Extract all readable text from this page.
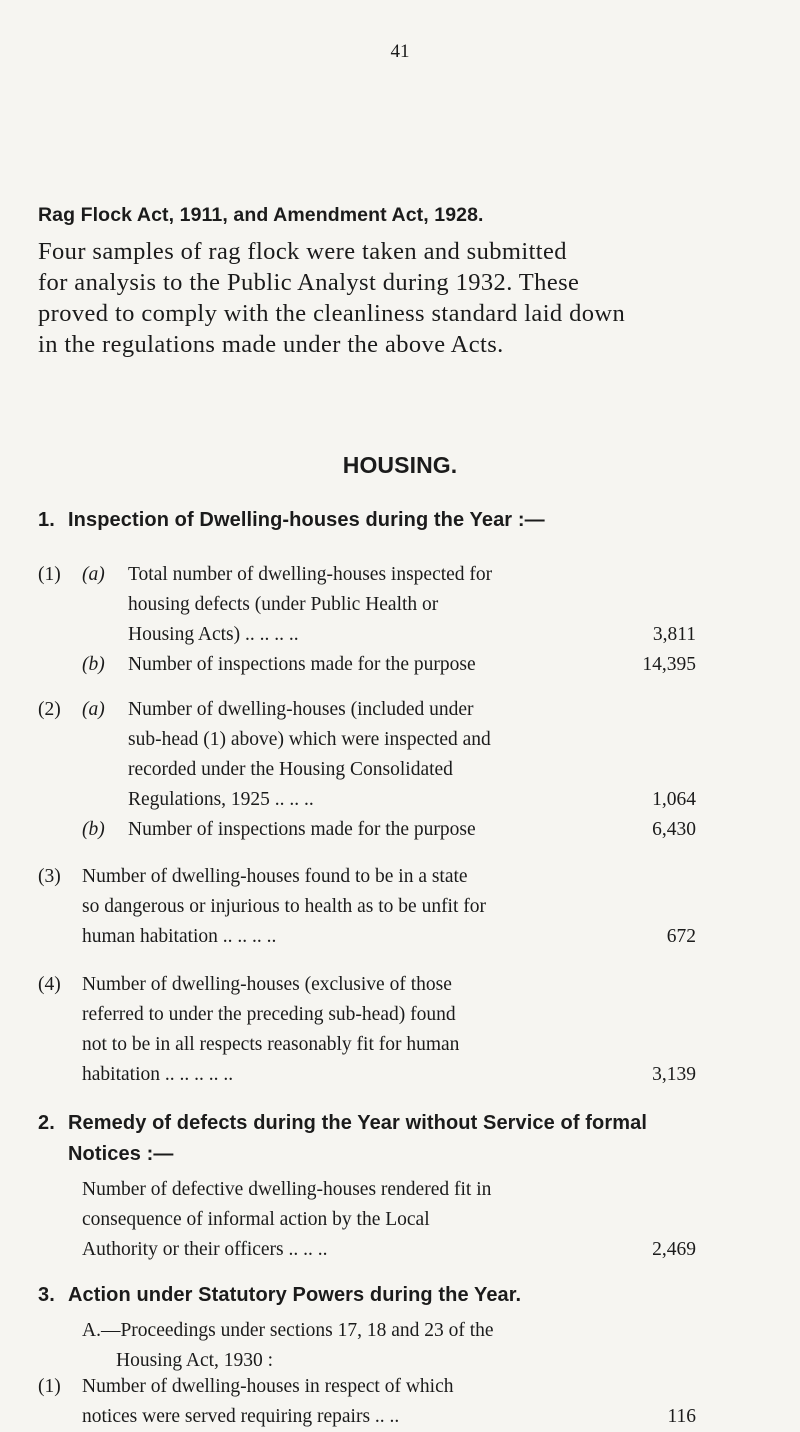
41
Rag Flock Act, 1911, and Amendment Act, 1928.
Four samples of rag flock were taken and submitted
for analysis to the Public Analyst during 1932. These
proved to comply with the cleanliness standard laid down
in the regulations made under the above Acts.
HOUSING.
1. Inspection of Dwelling-houses during the Year :—
(1) (a) Total number of dwelling-houses inspected for
housing defects (under Public Health or
Housing Acts) .. .. .. ..	3,811
(b) Number of inspections made for the purpose	14,395
(2) (a) Number of dwelling-houses (included under
sub-head (1) above) which were inspected and
recorded under the Housing Consolidated
Regulations, 1925 .. .. ..	1,064
(b) Number of inspections made for the purpose	6,430
(3) Number of dwelling-houses found to be in a state
so dangerous or injurious to health as to be unfit for
human habitation .. .. .. ..	672
(4) Number of dwelling-houses (exclusive of those
referred to under the preceding sub-head) found
not to be in all respects reasonably fit for human
habitation .. .. .. .. ..	3,139
2. Remedy of defects during the Year without Service of formal
Notices :—
Number of defective dwelling-houses rendered fit in
consequence of informal action by the Local
Authority or their officers .. .. ..	2,469
3. Action under Statutory Powers during the Year.
A.—Proceedings under sections 17, 18 and 23 of the
Housing Act, 1930 :
(1) Number of dwelling-houses in respect of which
notices were served requiring repairs .. ..	116
